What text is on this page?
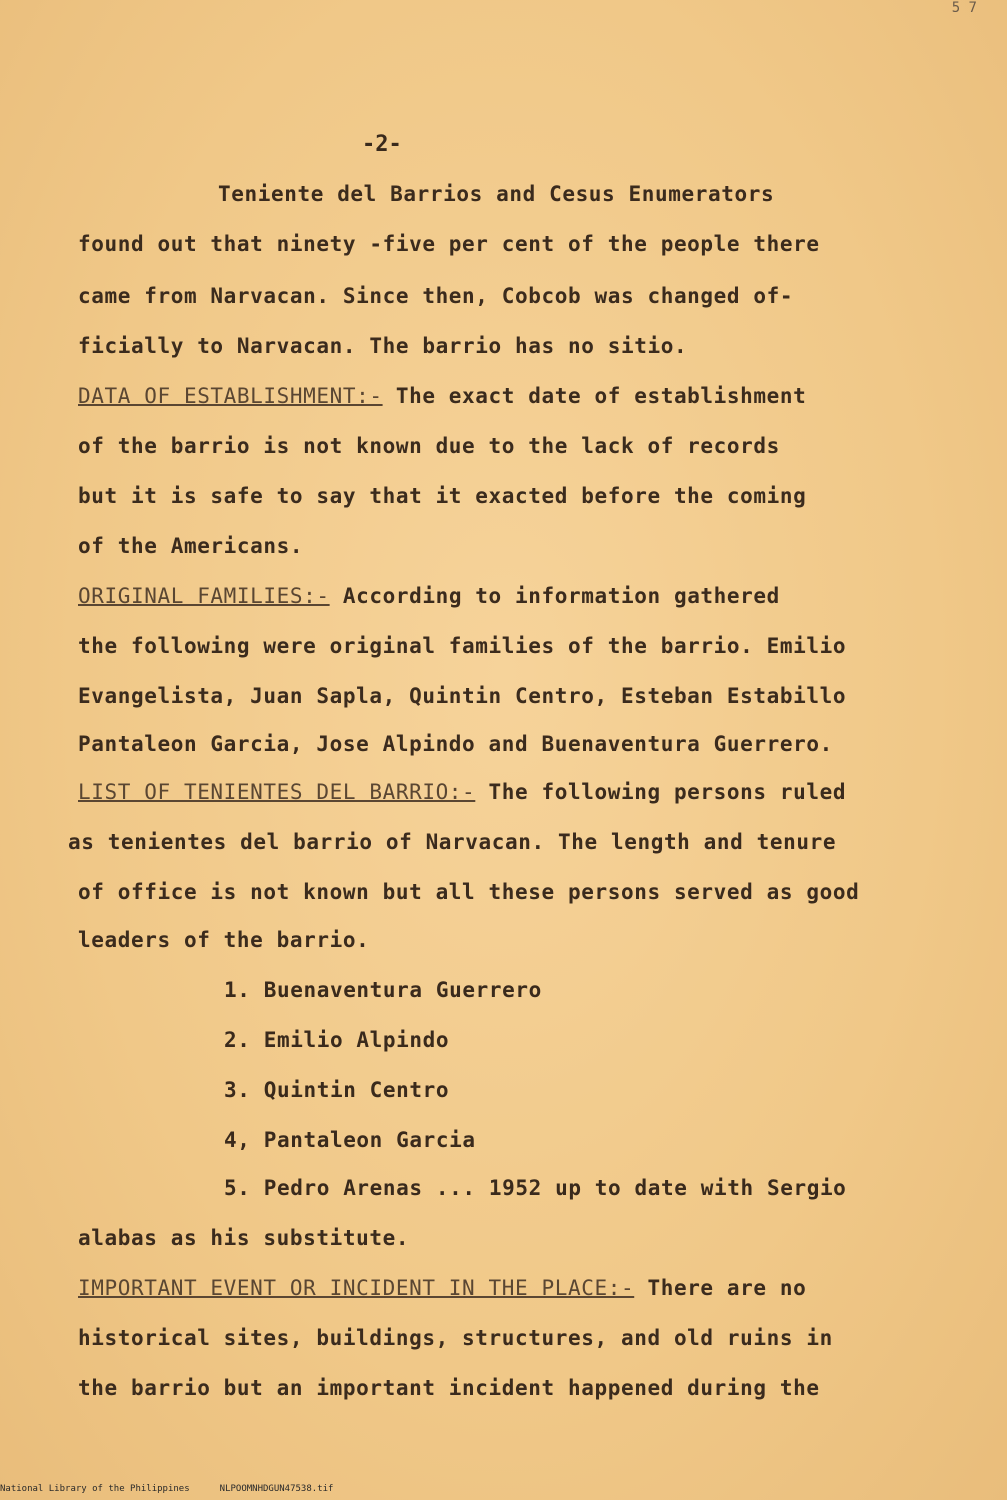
5 7
-2-
Teniente del Barrios and Cesus Enumerators
found out that ninety -five per cent of the people there
came from Narvacan. Since then, Cobcob was changed of-
ficially to Narvacan. The barrio has no sitio.
DATA OF ESTABLISHMENT:- The exact date of establishment
of the barrio is not known due to the lack of records
but it is safe to say that it exacted before the coming
of the Americans.
ORIGINAL FAMILIES:- According to information gathered
the following were original families of the barrio. Emilio
Evangelista, Juan Sapla, Quintin Centro, Esteban Estabillo
Pantaleon Garcia, Jose Alpindo and Buenaventura Guerrero.
LIST OF TENIENTES DEL BARRIO:- The following persons ruled
as tenientes del barrio of Narvacan. The length and tenure
of office is not known but all these persons served as good
leaders of the barrio.
1. Buenaventura Guerrero
2. Emilio Alpindo
3. Quintin Centro
4, Pantaleon Garcia
5. Pedro Arenas ... 1952 up to date with Sergio
alabas as his substitute.
IMPORTANT EVENT OR INCIDENT IN THE PLACE:- There are no
historical sites, buildings, structures, and old ruins in
the barrio but an important incident happened during the
National Library of the Philippines	NLPOOMNHDGUN47538.tif
